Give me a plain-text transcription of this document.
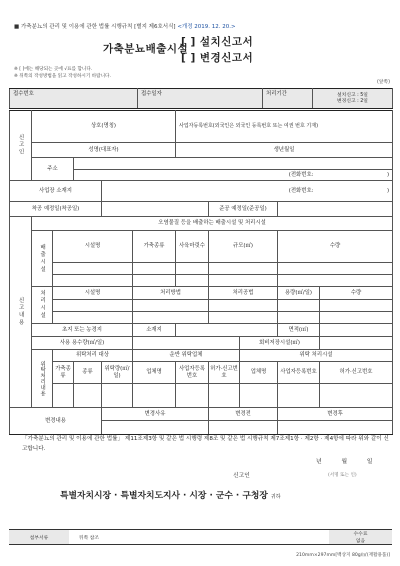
■ 가축분뇨의 관리 및 이용에 관한 법률 시행규칙 [별지 제6호서식] <개정 2019. 12. 20.>
가축분뇨배출시설
[ ] 설치신고서
[ ] 변경신고서
※ [ ]에는 해당되는 곳에 √표를 합니다.
※ 뒤쪽의 작성방법을 읽고 작성하시기 바랍니다.
(앞쪽)
접수번호	접수일자	처리기간	설치신고 : 5일
변경신고 : 2일
신고인	상호(명칭)					사업자등록번호(외국인은 외국인 등록번호 또는 여권 번호 기재)					
	성명(대표자)					생년월일					
	주소										
			(전화번호: )								
사업장 소재지				(전화번호: )							
착공 예정일(착공일)							준공 예정일(준공일)				
신고내용	오염물질 등을 배출하는 배출시설 및 처리시설										
	배출시설	시설명			가축종류	사육마릿수	규모(㎡)		수량	

	처리시설	시설명			처리방법		처리공법		용량(㎥/일)	수량	

	초지 또는 농경지				소재지				면적(㎡)		
	사용 용수량(㎥/일)							회비저장시설(㎥)			
	위탁처리내용	위탁처리 대상			운반 위탁업체			위탁 처리시설			
		가축종류	종류	위탁량(㎥/일)	업체명	사업자등록번호	허가·신고번호	업체명	사업자등록번호	허가·신고번호	

변경내용				변경사유			변경전		변경후		

「가축분뇨의 관리 및 이용에 관한 법률」 제11조제3항 및 같은 법 시행령 제8조 및 같은 법 시행규칙 제7조제1항 · 제2항 · 제4항에 따라 위와 같이 신고합니다.
년	월	일
신고인	(서명 또는 인)
특별자치시장 · 특별자치도지사 · 시장 · 군수 · 구청장 귀하
첨부서류	뒤쪽 참조	
수수료
없음
210mm×297mm[백상지 80g/㎡(재활용품)]
